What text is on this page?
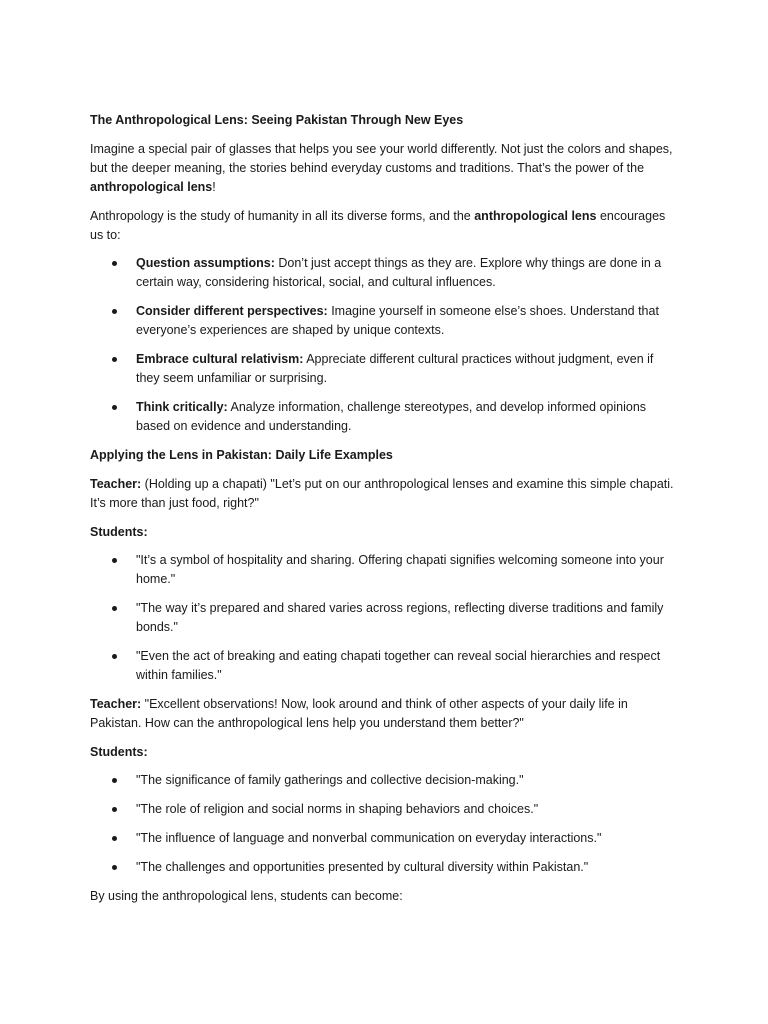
The Anthropological Lens: Seeing Pakistan Through New Eyes

Imagine a special pair of glasses that helps you see your world differently. Not just the colors and shapes, but the deeper meaning, the stories behind everyday customs and traditions. That’s the power of the anthropological lens!

Anthropology is the study of humanity in all its diverse forms, and the anthropological lens encourages us to:

Question assumptions: Don’t just accept things as they are. Explore why things are done in a certain way, considering historical, social, and cultural influences.
Consider different perspectives: Imagine yourself in someone else’s shoes. Understand that everyone’s experiences are shaped by unique contexts.
Embrace cultural relativism: Appreciate different cultural practices without judgment, even if they seem unfamiliar or surprising.
Think critically: Analyze information, challenge stereotypes, and develop informed opinions based on evidence and understanding.

Applying the Lens in Pakistan: Daily Life Examples

Teacher: (Holding up a chapati) "Let’s put on our anthropological lenses and examine this simple chapati. It’s more than just food, right?"

Students:

"It’s a symbol of hospitality and sharing. Offering chapati signifies welcoming someone into your home."
"The way it’s prepared and shared varies across regions, reflecting diverse traditions and family bonds."
"Even the act of breaking and eating chapati together can reveal social hierarchies and respect within families."

Teacher: "Excellent observations! Now, look around and think of other aspects of your daily life in Pakistan. How can the anthropological lens help you understand them better?"

Students:

"The significance of family gatherings and collective decision-making."
"The role of religion and social norms in shaping behaviors and choices."
"The influence of language and nonverbal communication on everyday interactions."
"The challenges and opportunities presented by cultural diversity within Pakistan."

By using the anthropological lens, students can become:
